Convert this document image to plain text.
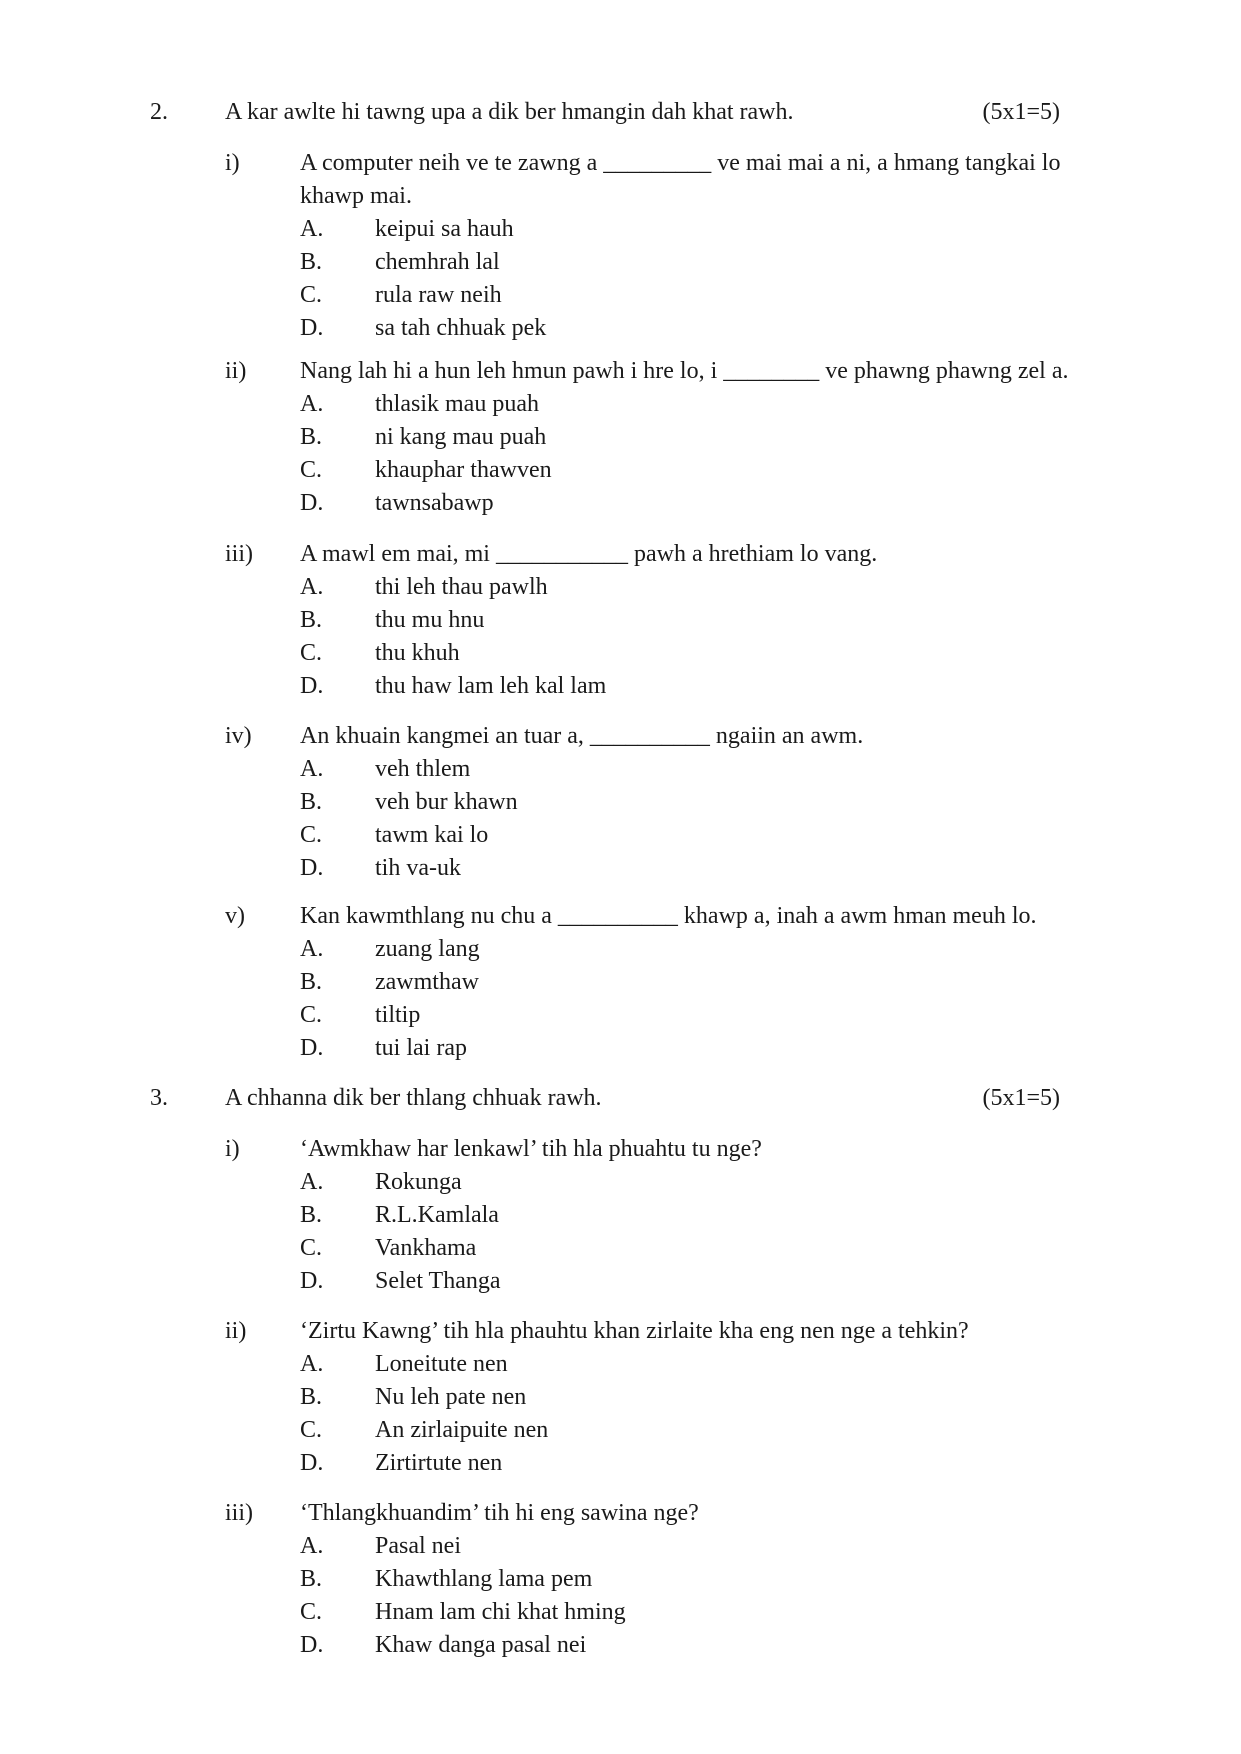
2. A kar awlte hi tawng upa a dik ber hmangin dah khat rawh.	(5x1=5)
i)	A computer neih ve te zawng a _________ ve mai mai a ni, a hmang tangkai lo khawp mai.
A. keipui sa hauh
B. chemhrah lal
C. rula raw neih
D. sa tah chhuak pek
ii) Nang lah hi a hun leh hmun pawh i hre lo, i ________ ve phawng phawng zel a.
A. thlasik mau puah
B. ni kang mau puah
C. khauphar thawven
D. tawnsabawp
iii) A mawl em mai, mi ___________ pawh a hrethiam lo vang.
A. thi leh thau pawlh
B. thu mu hnu
C. thu khuh
D. thu haw lam leh kal lam
iv) An khuain kangmei an tuar a, __________ ngaiin an awm.
A. veh thlem
B. veh bur khawn
C. tawm kai lo
D. tih va-uk
v) Kan kawmthlang nu chu a __________ khawp a, inah a awm hman meuh lo.
A. zuang lang
B. zawmthaw
C. tiltip
D. tui lai rap
3. A chhanna dik ber thlang chhuak rawh.	(5x1=5)
i)	‘Awmkhaw har lenkawl’ tih hla phuahtu tu nge?
A. Rokunga
B. R.L.Kamlala
C. Vankhama
D. Selet Thanga
ii) ‘Zirtu Kawng’ tih hla phauhtu khan zirlaite kha eng nen nge a tehkin?
A. Loneitute nen
B. Nu leh pate nen
C. An zirlaipuite nen
D. Zirtirtute nen
iii) ‘Thlangkhuandim’ tih hi eng sawina nge?
A. Pasal nei
B. Khawthlang lama pem
C. Hnam lam chi khat hming
D. Khaw danga pasal nei
